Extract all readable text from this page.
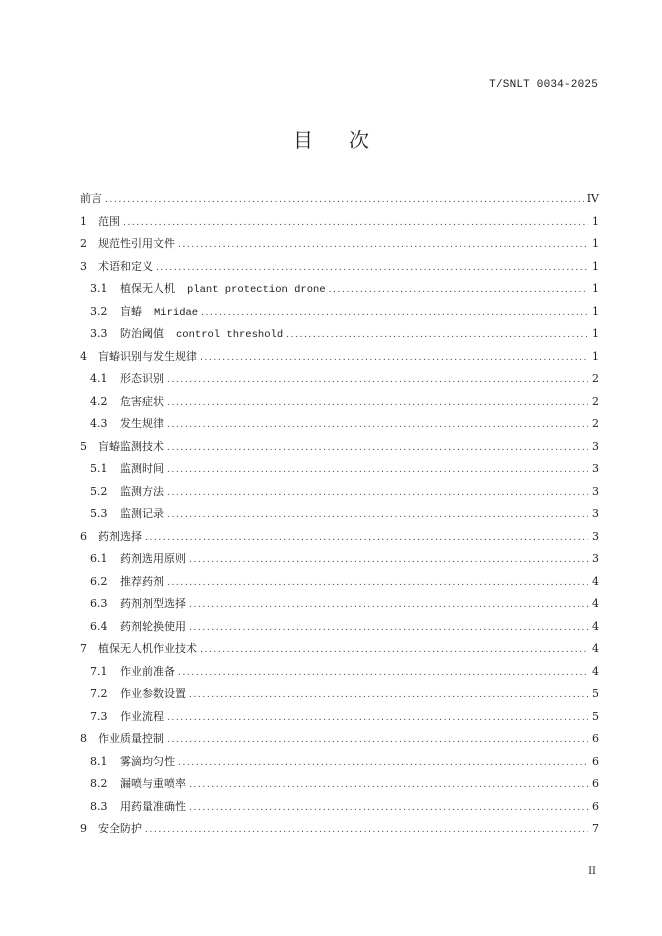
T/SNLT 0034-2025
目 次
前言 .....	IV
1	范围 .....	1
2	规范性引用文件 .....	1
3	术语和定义 .....	1
3.1	植保无人机 plant protection drone .....	1
3.2	盲蝽 Miridae .....	1
3.3	防治阈值 control threshold .....	1
4	盲蝽识别与发生规律 .....	1
4.1	形态识别 .....	2
4.2	危害症状 .....	2
4.3	发生规律 .....	2
5	盲蝽监测技术 .....	3
5.1	监测时间 .....	3
5.2	监测方法 .....	3
5.3	监测记录 .....	3
6	药剂选择 .....	3
6.1	药剂选用原则 .....	3
6.2	推荐药剂 .....	4
6.3	药剂剂型选择 .....	4
6.4	药剂轮换使用 .....	4
7	植保无人机作业技术 .....	4
7.1	作业前准备 .....	4
7.2	作业参数设置 .....	5
7.3	作业流程 .....	5
8	作业质量控制 .....	6
8.1	雾滴均匀性 .....	6
8.2	漏喷与重喷率 .....	6
8.3	用药量准确性 .....	6
9	安全防护 .....	7
II
